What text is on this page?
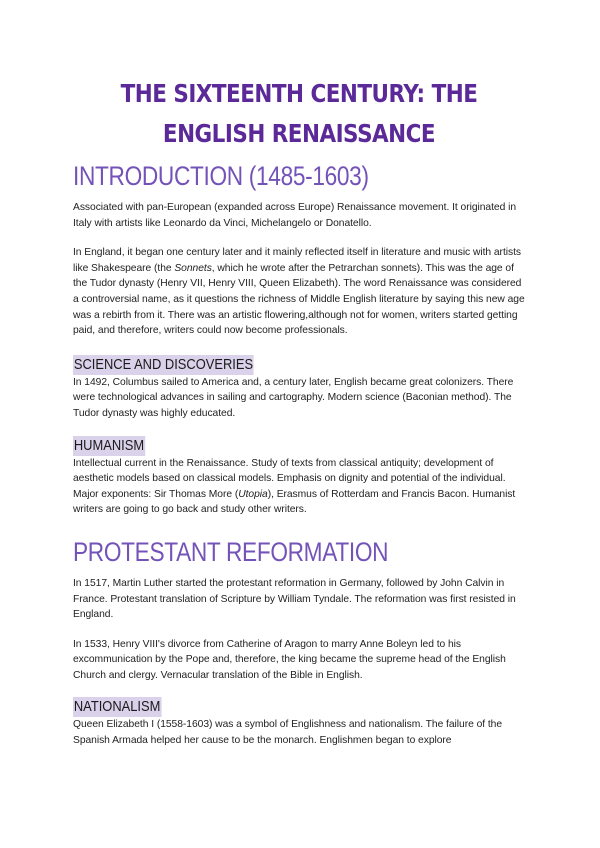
THE SIXTEENTH CENTURY: THE ENGLISH RENAISSANCE
INTRODUCTION (1485-1603)

Associated with pan-European (expanded across Europe) Renaissance movement. It originated in Italy with artists like Leonardo da Vinci, Michelangelo or Donatello.

In England, it began one century later and it mainly reflected itself in literature and music with artists like Shakespeare (the Sonnets, which he wrote after the Petrarchan sonnets). This was the age of the Tudor dynasty (Henry VII, Henry VIII, Queen Elizabeth). The word Renaissance was considered a controversial name, as it questions the richness of Middle English literature by saying this new age was a rebirth from it. There was an artistic flowering,although not for women, writers started getting paid, and therefore, writers could now become professionals.

SCIENCE AND DISCOVERIES

In 1492, Columbus sailed to America and, a century later, English became great colonizers. There were technological advances in sailing and cartography. Modern science (Baconian method). The Tudor dynasty was highly educated.

HUMANISM

Intellectual current in the Renaissance. Study of texts from classical antiquity; development of aesthetic models based on classical models. Emphasis on dignity and potential of the individual. Major exponents: Sir Thomas More (Utopia), Erasmus of Rotterdam and Francis Bacon. Humanist writers are going to go back and study other writers.

PROTESTANT REFORMATION

In 1517, Martin Luther started the protestant reformation in Germany, followed by John Calvin in France. Protestant translation of Scripture by William Tyndale. The reformation was first resisted in England.

In 1533, Henry VIII's divorce from Catherine of Aragon to marry Anne Boleyn led to his excommunication by the Pope and, therefore, the king became the supreme head of the English Church and clergy. Vernacular translation of the Bible in English.

NATIONALISM

Queen Elizabeth I (1558-1603) was a symbol of Englishness and nationalism. The failure of the Spanish Armada helped her cause to be the monarch. Englishmen began to explore
